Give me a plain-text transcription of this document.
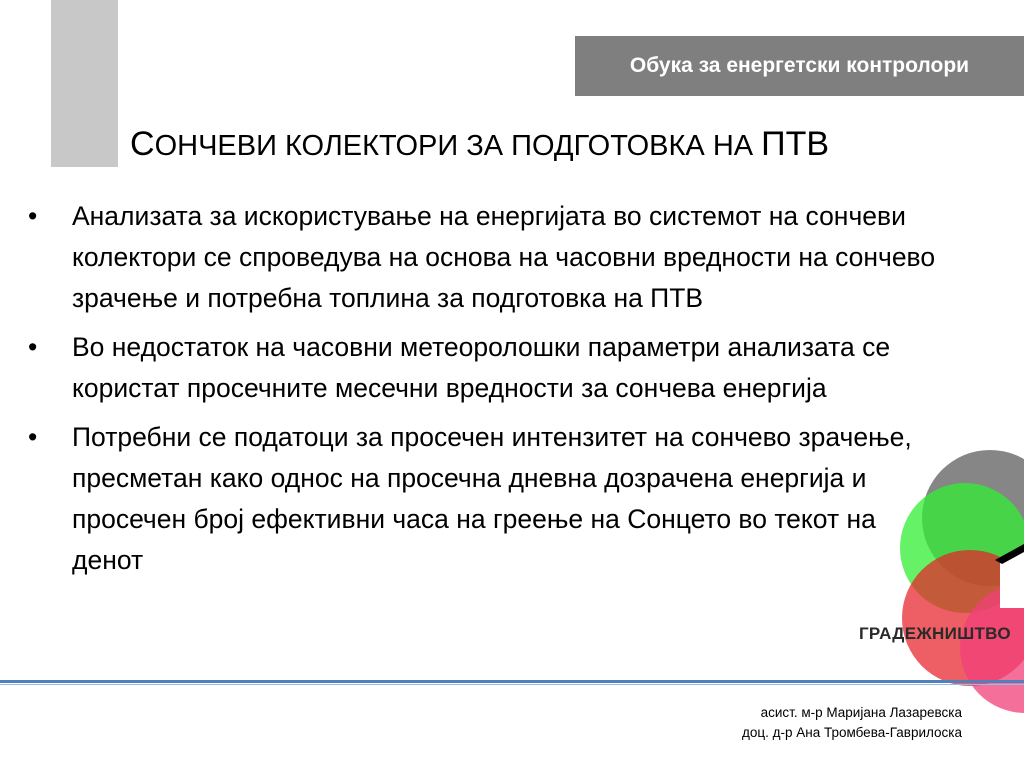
Обука за енергетски контролори
СОНЧЕВИ КОЛЕКТОРИ ЗА ПОДГОТОВКА НА ПТВ
•	Анализата за искористување на енергијата во системот на сончеви колектори се спроведува на основа на часовни вредности на сончево зрачење и потребна топлина за подготовка на ПТВ
•	Во недостаток на часовни метеоролошки параметри анализата се користат просечните месечни вредности за сончева енергија
•	Потребни се податоци за просечен интензитет на сончево зрачење, пресметан како однос на просечна дневна дозрачена енергија и просечен број ефективни часа на греење на Сонцето во текот на денот
ГРАДЕЖНИШТВО
асист. м-р Маријана Лазаревска
доц. д-р Ана Тромбева-Гаврилоска
